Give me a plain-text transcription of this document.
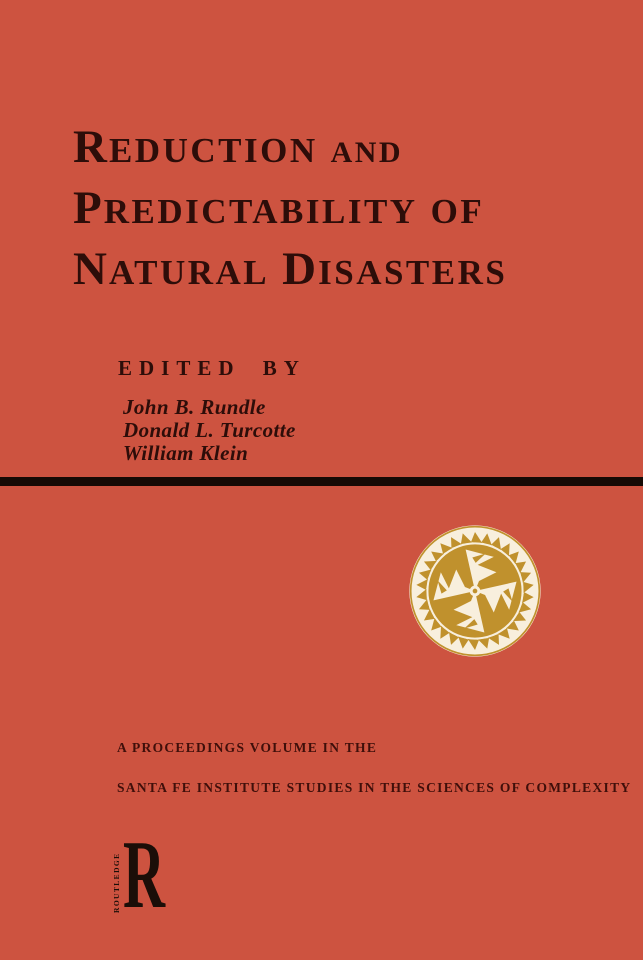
REDUCTION AND
PREDICTABILITY OF
NATURAL DISASTERS
EDITED BY
John B. Rundle
Donald L. Turcotte
William Klein
A PROCEEDINGS VOLUME IN THE
SANTA FE INSTITUTE STUDIES IN THE SCIENCES OF COMPLEXITY
ROUTLEDGE R
